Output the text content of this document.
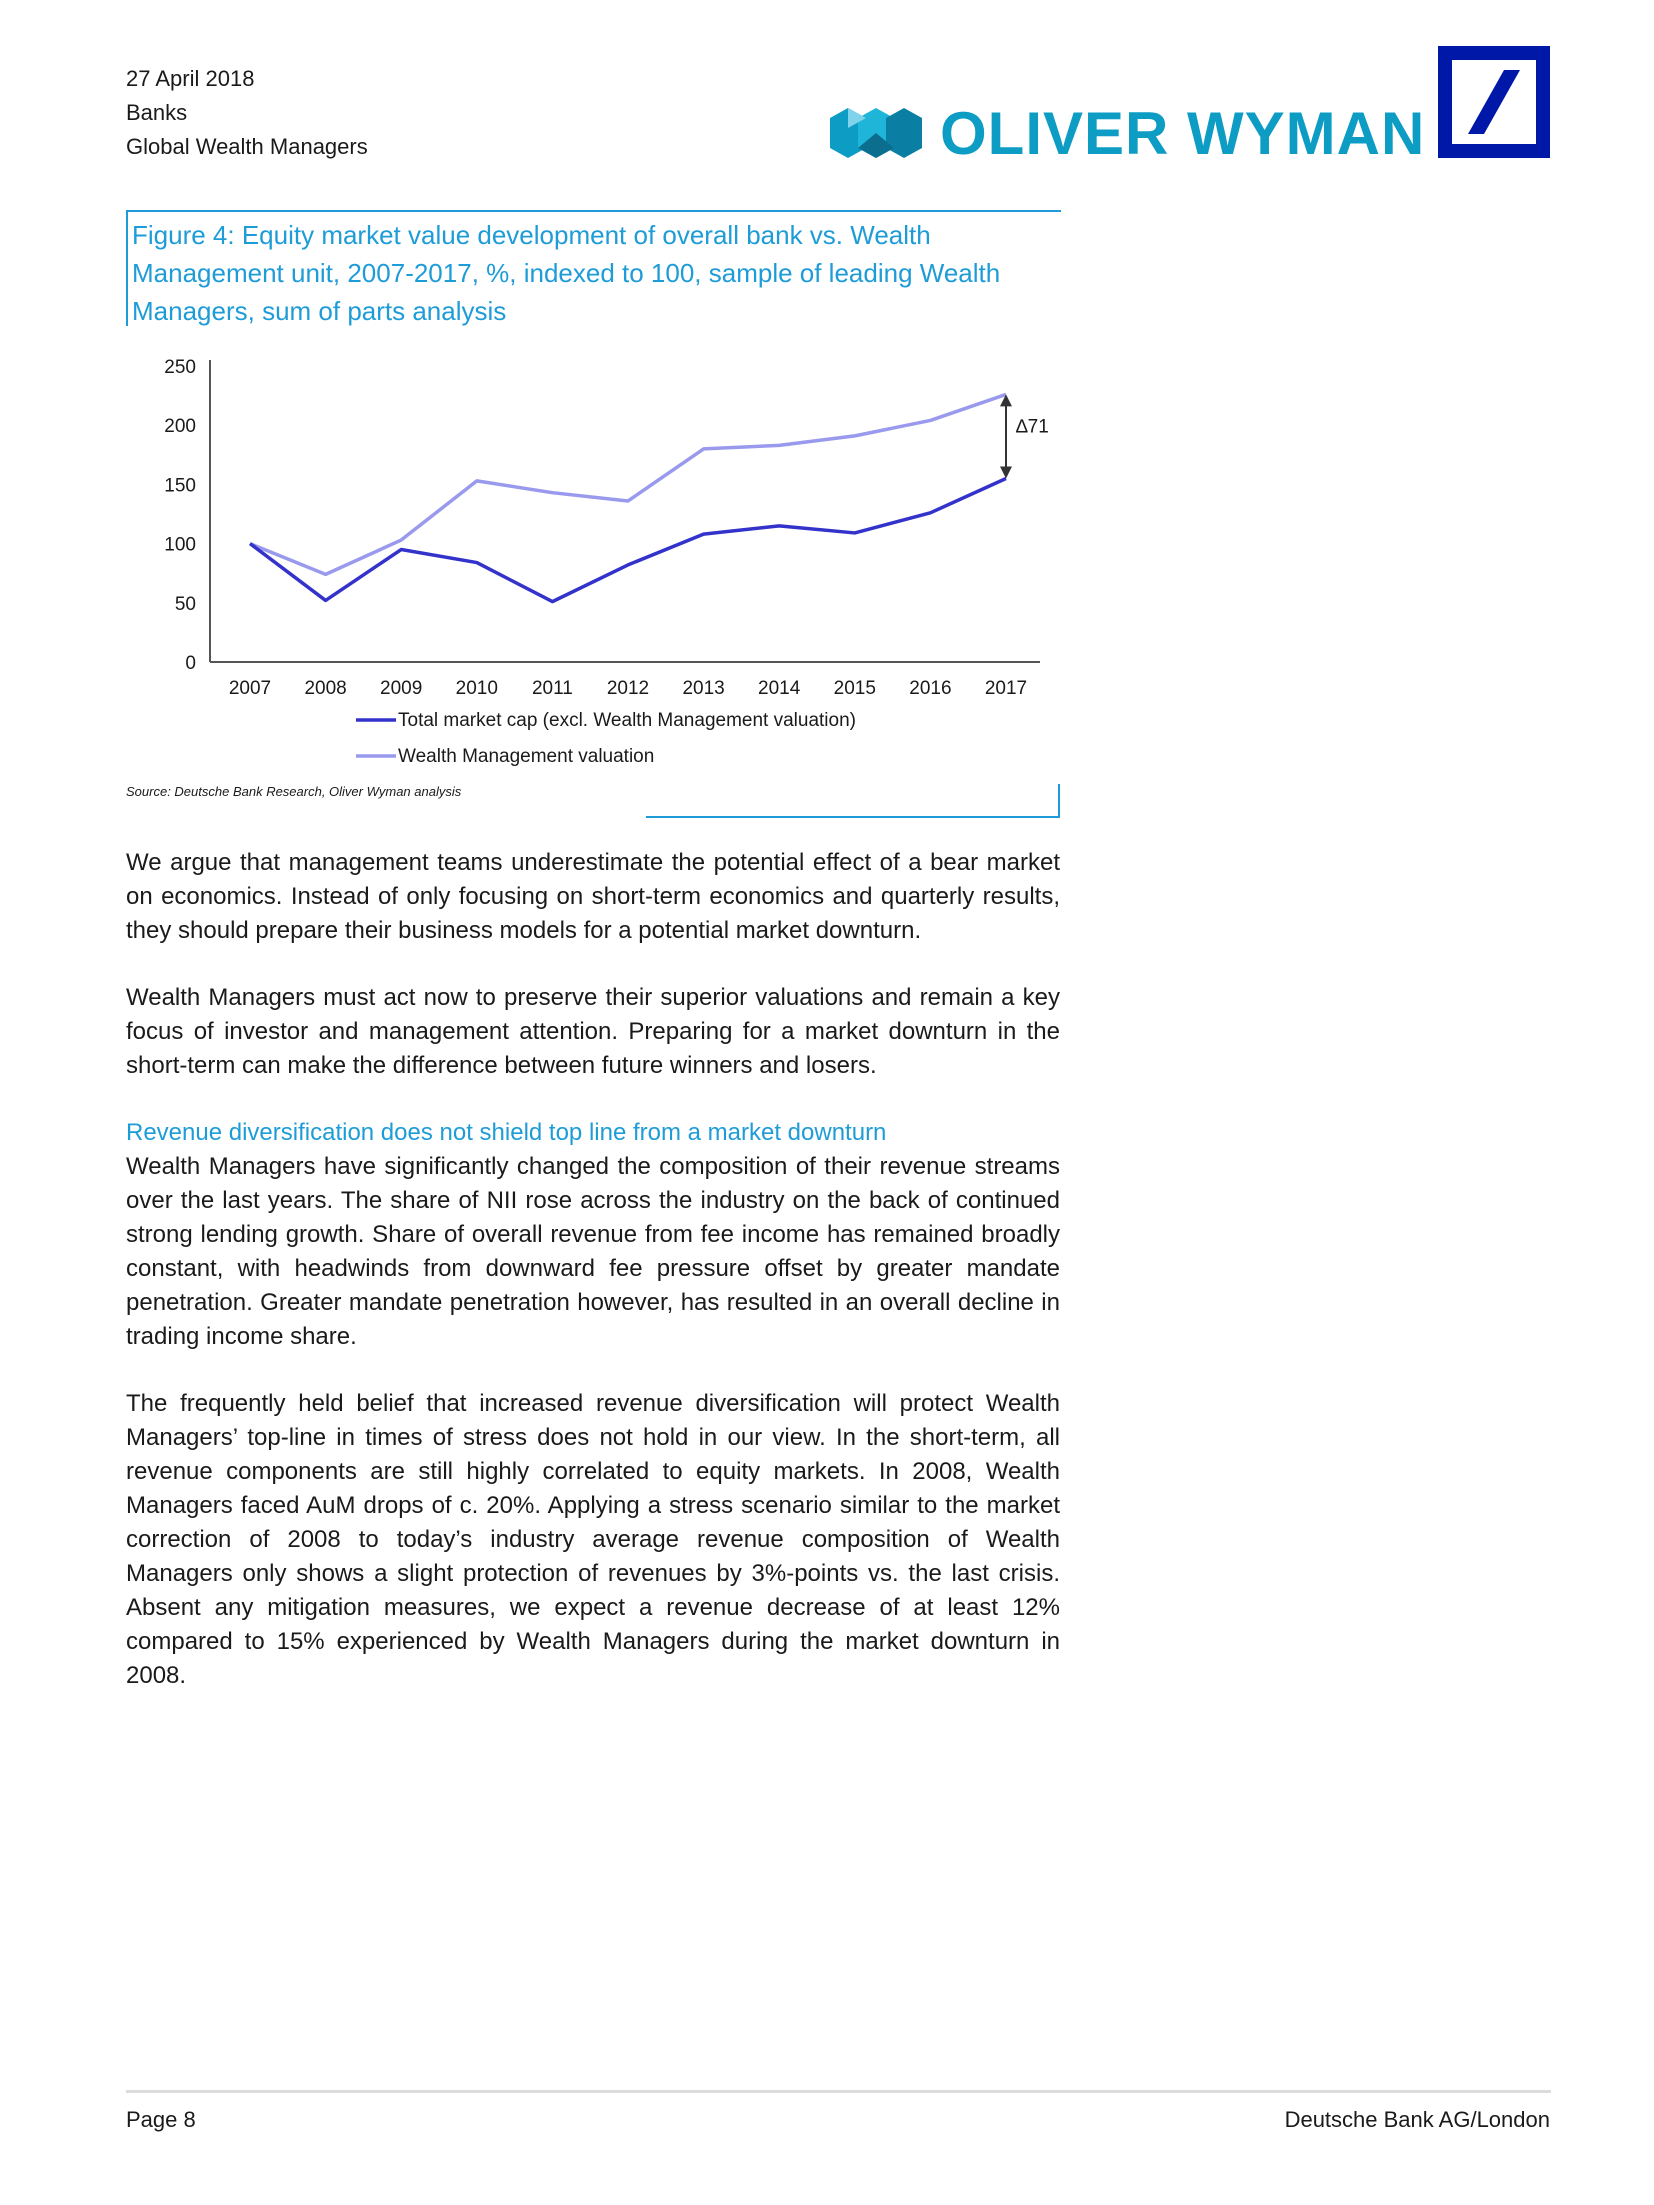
27 April 2018
Banks
Global Wealth Managers	OLIVER WYMAN
Figure 4: Equity market value development of overall bank vs. Wealth Management unit, 2007-2017, %, indexed to 100, sample of leading Wealth Managers, sum of parts analysis
0
50
100
150
200
250
2007 2008 2009 2010 2011 2012 2013 2014 2015 2016 2017
∆71
Total market cap (excl. Wealth Management valuation)
Wealth Management valuation
Source: Deutsche Bank Research, Oliver Wyman analysis

We argue that management teams underestimate the potential effect of a bear market on economics. Instead of only focusing on short-term economics and quarterly results, they should prepare their business models for a potential market downturn.

Wealth Managers must act now to preserve their superior valuations and remain a key focus of investor and management attention. Preparing for a market downturn in the short-term can make the difference between future winners and losers.

Revenue diversification does not shield top line from a market downturn

Wealth Managers have significantly changed the composition of their revenue streams over the last years. The share of NII rose across the industry on the back of continued strong lending growth. Share of overall revenue from fee income has remained broadly constant, with headwinds from downward fee pressure offset by greater mandate penetration. Greater mandate penetration however, has resulted in an overall decline in trading income share.

The frequently held belief that increased revenue diversification will protect Wealth Managers’ top-line in times of stress does not hold in our view. In the short-term, all revenue components are still highly correlated to equity markets. In 2008, Wealth Managers faced AuM drops of c. 20%. Applying a stress scenario similar to the market correction of 2008 to today’s industry average revenue composition of Wealth Managers only shows a slight protection of revenues by 3%-points vs. the last crisis. Absent any mitigation measures, we expect a revenue decrease of at least 12% compared to 15% experienced by Wealth Managers during the market downturn in 2008.

Page 8	Deutsche Bank AG/London
